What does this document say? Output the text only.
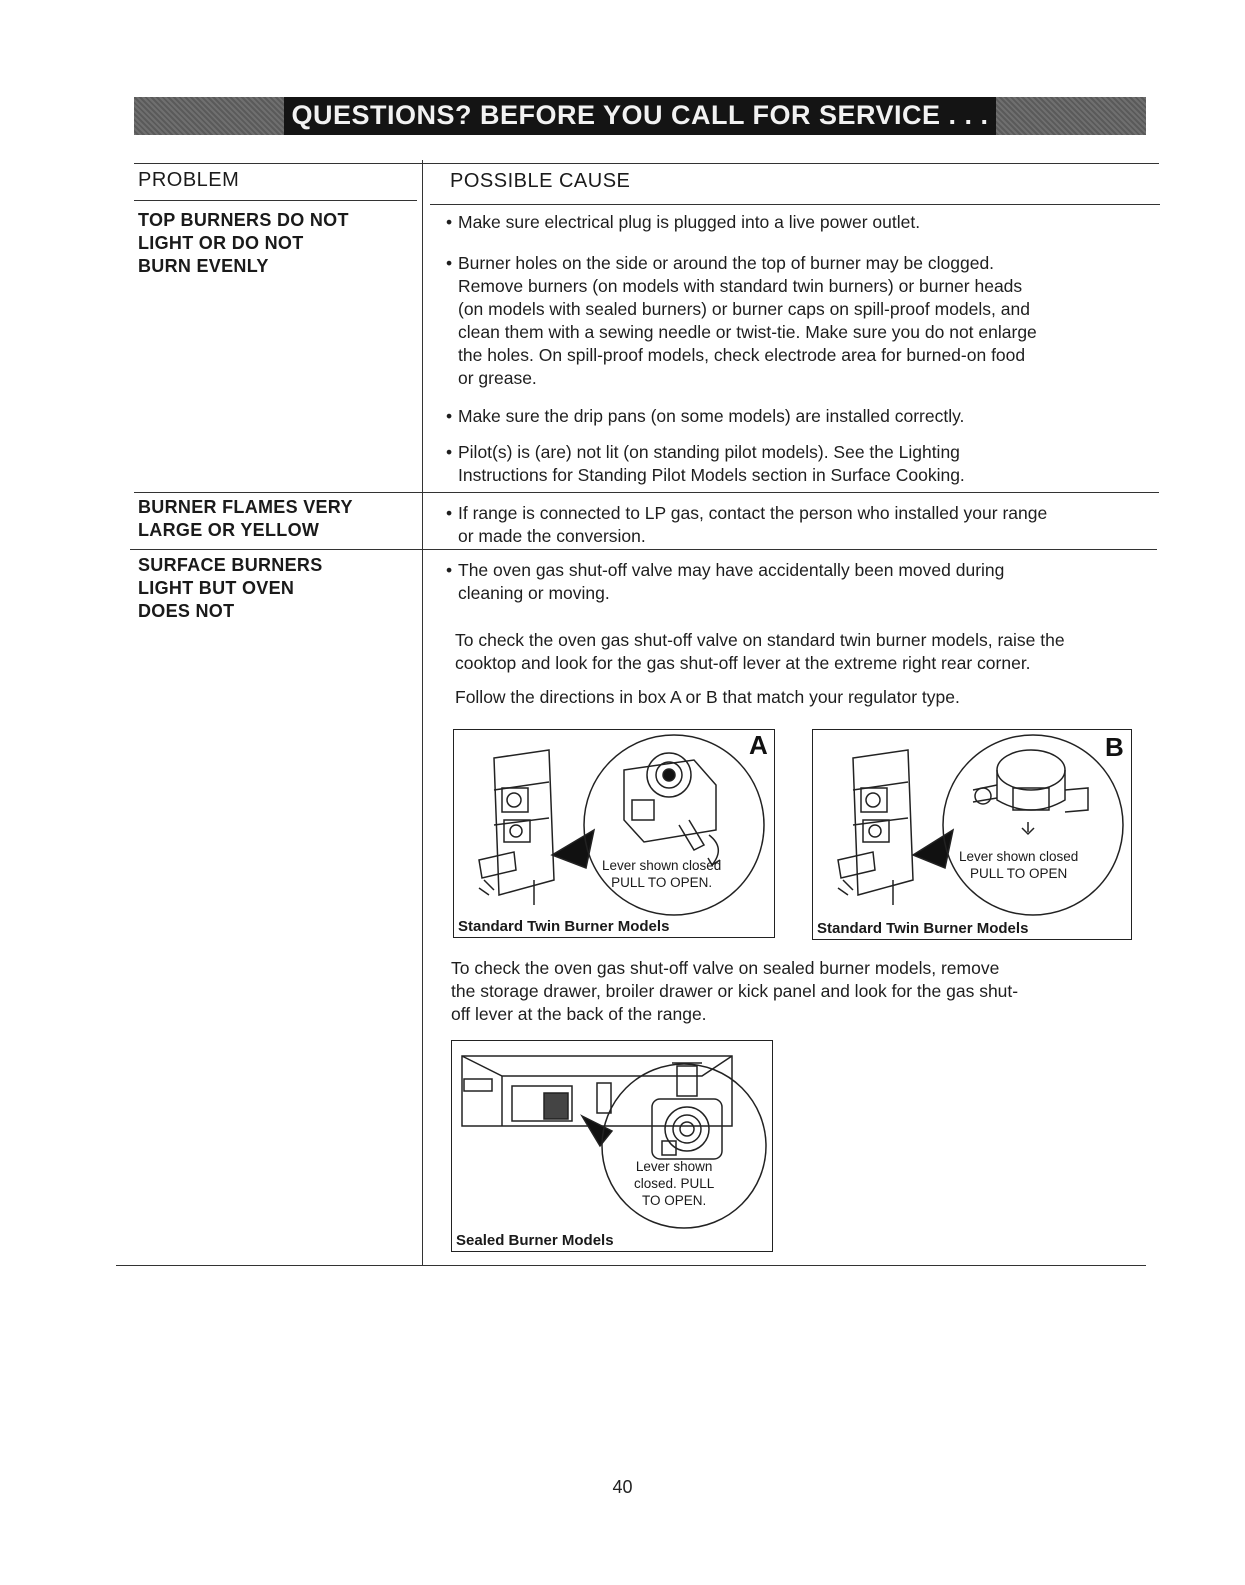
QUESTIONS? BEFORE YOU CALL FOR SERVICE . . .
PROBLEM	POSSIBLE CAUSE
TOP BURNERS DO NOT
LIGHT OR DO NOT
BURN EVENLY
• Make sure electrical plug is plugged into a live power outlet.
• Burner holes on the side or around the top of burner may be clogged.
Remove burners (on models with standard twin burners) or burner heads
(on models with sealed burners) or burner caps on spill-proof models, and
clean them with a sewing needle or twist-tie. Make sure you do not enlarge
the holes. On spill-proof models, check electrode area for burned-on food
or grease.
• Make sure the drip pans (on some models) are installed correctly.
• Pilot(s) is (are) not lit (on standing pilot models). See the Lighting
Instructions for Standing Pilot Models section in Surface Cooking.
BURNER FLAMES VERY
LARGE OR YELLOW
• If range is connected to LP gas, contact the person who installed your range
or made the conversion.
SURFACE BURNERS
LIGHT BUT OVEN
DOES NOT
• The oven gas shut-off valve may have accidentally been moved during
cleaning or moving.
To check the oven gas shut-off valve on standard twin burner models, raise the
cooktop and look for the gas shut-off lever at the extreme right rear corner.
Follow the directions in box A or B that match your regulator type.
A
Lever shown closed
PULL TO OPEN.
Standard Twin Burner Models
B
Lever shown closed
PULL TO OPEN
Standard Twin Burner Models
To check the oven gas shut-off valve on sealed burner models, remove
the storage drawer, broiler drawer or kick panel and look for the gas shut-
off lever at the back of the range.
Lever shown
closed. PULL
TO OPEN.
Sealed Burner Models
40
